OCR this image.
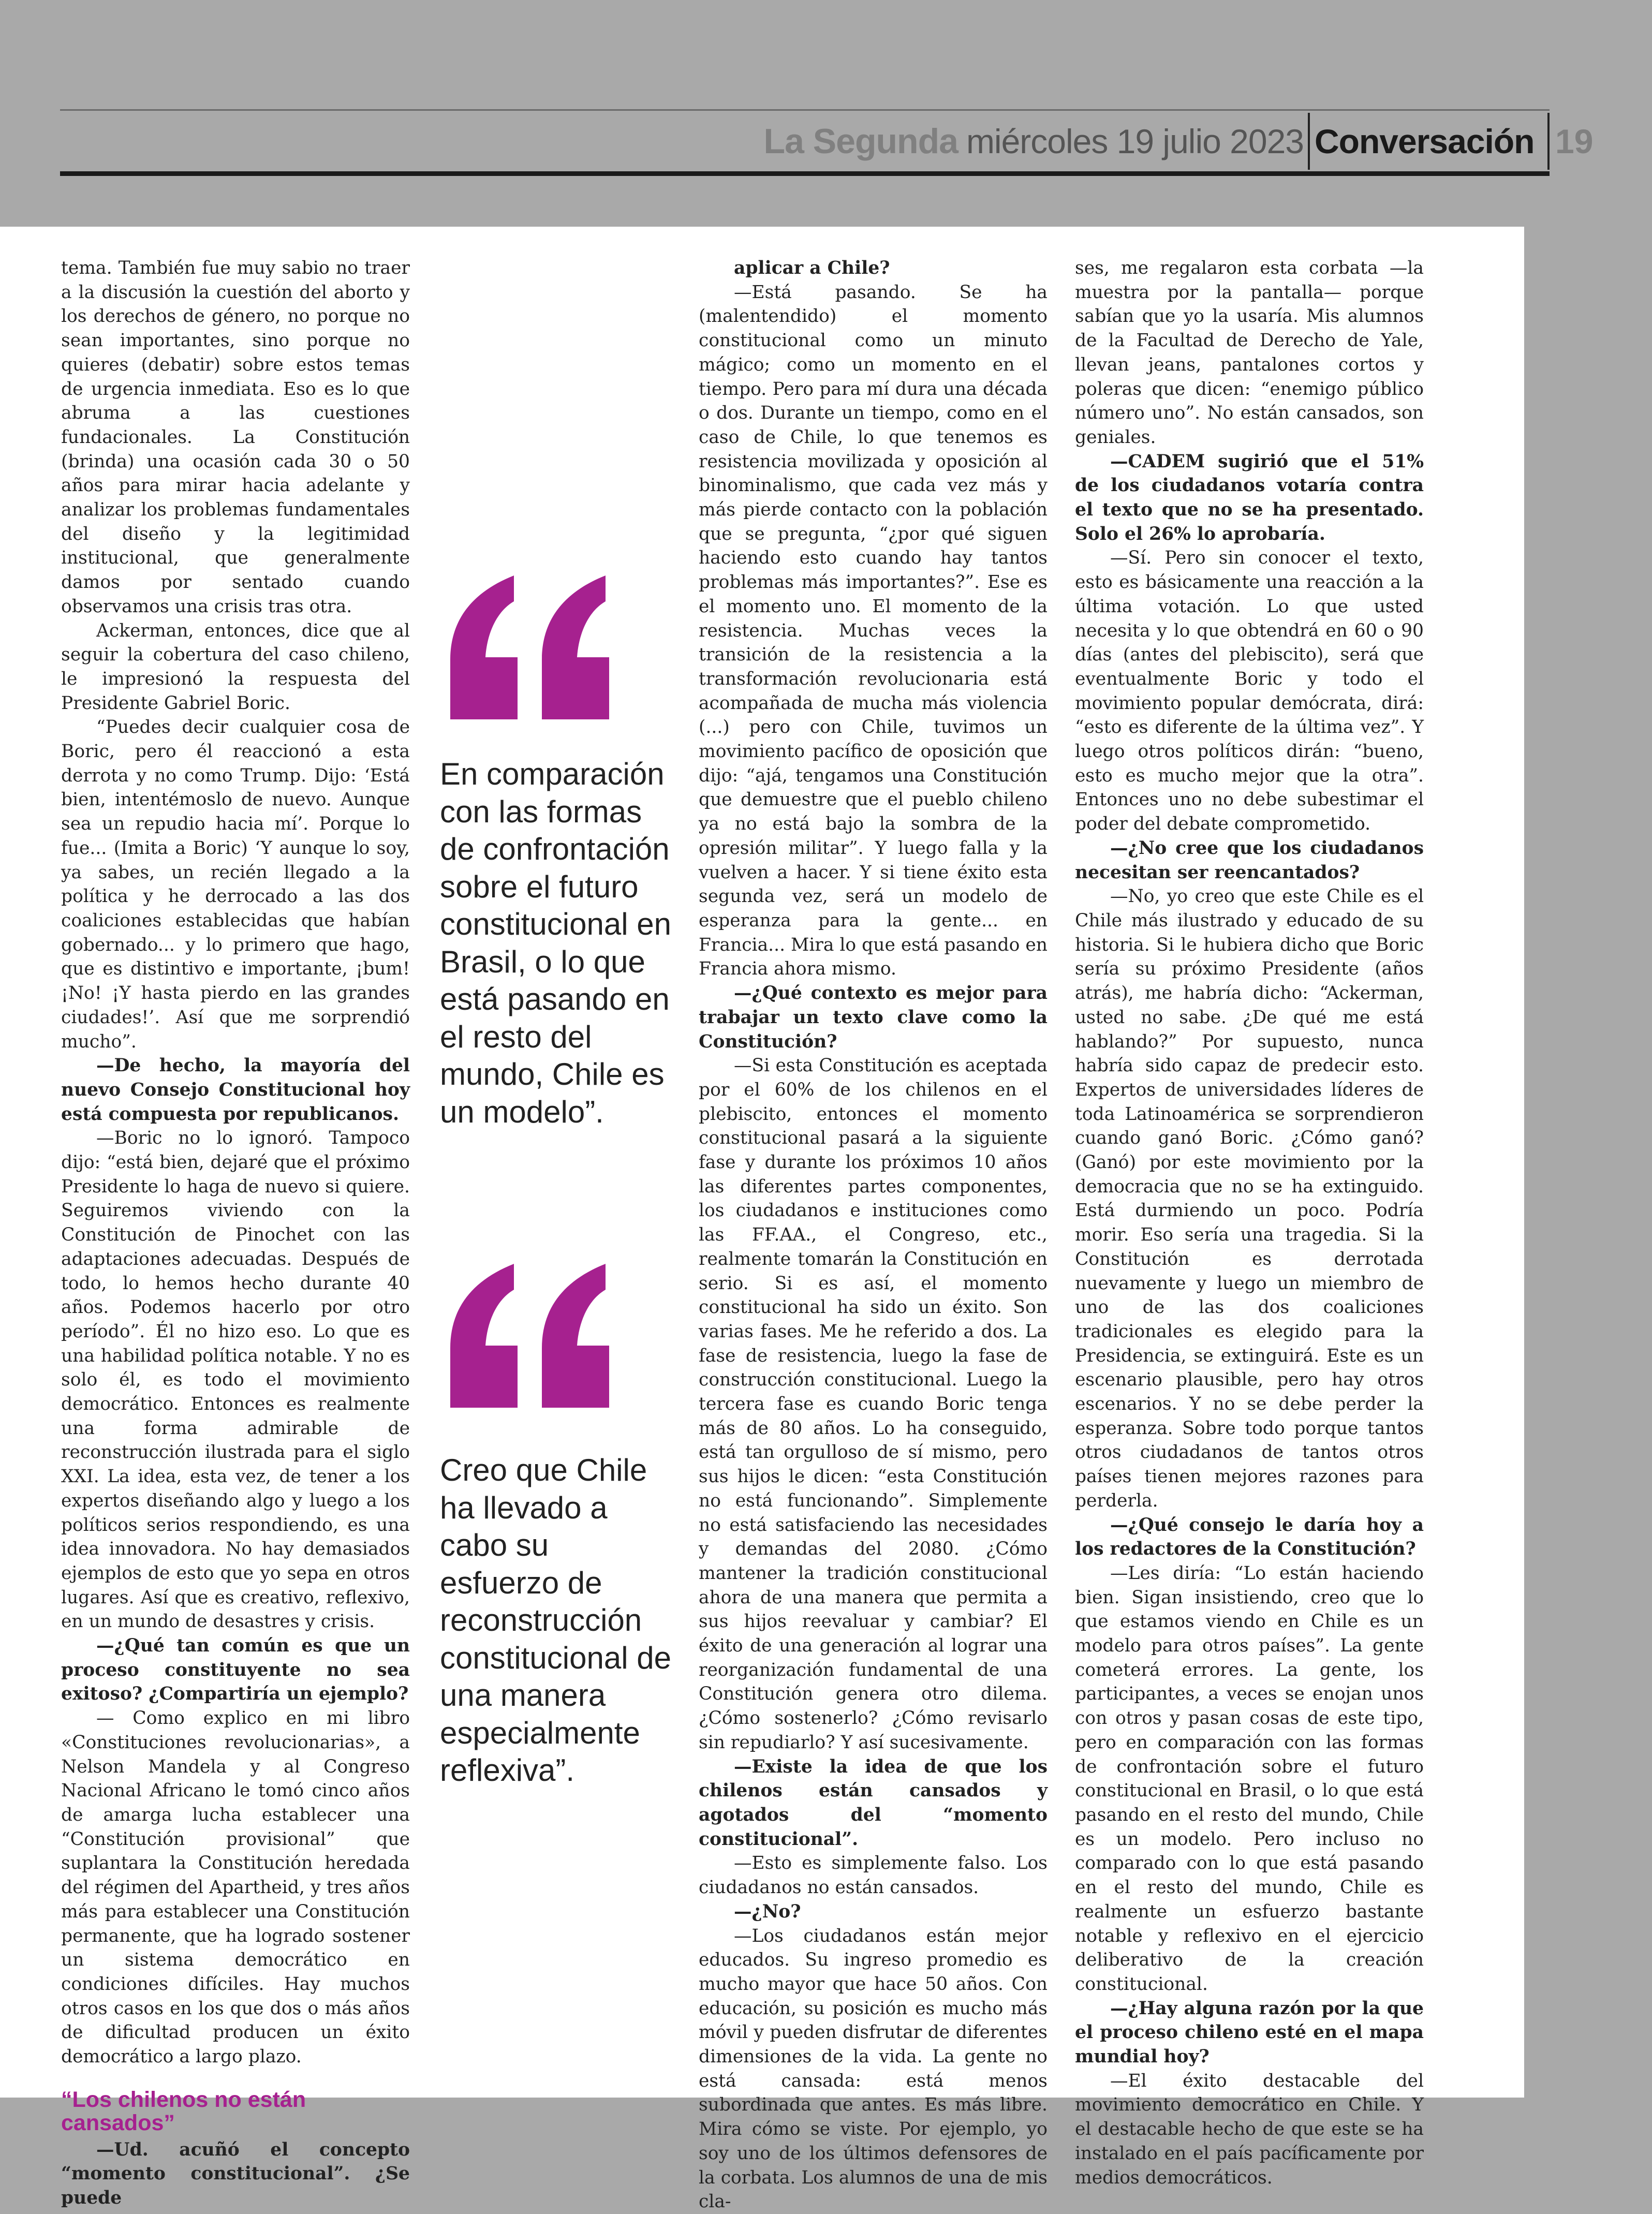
La Segunda miércoles 19 julio 2023 Conversación 19

tema. También fue muy sabio no traer a la discusión la cuestión del aborto y los derechos de género, no porque no sean importantes, sino porque no quieres (debatir) sobre estos temas de urgencia inmediata. Eso es lo que abruma a las cuestiones fundacionales. La Constitución (brinda) una ocasión cada 30 o 50 años para mirar hacia adelante y analizar los problemas fundamentales del diseño y la legitimidad institucional, que generalmente damos por sentado cuando observamos una crisis tras otra.

Ackerman, entonces, dice que al seguir la cobertura del caso chileno, le impresionó la respuesta del Presidente Gabriel Boric.

“Puedes decir cualquier cosa de Boric, pero él reaccionó a esta derrota y no como Trump. Dijo: ‘Está bien, intentémoslo de nuevo. Aunque sea un repudio hacia mí’. Porque lo fue... (Imita a Boric) ‘Y aunque lo soy, ya sabes, un recién llegado a la política y he derrocado a las dos coaliciones establecidas que habían gobernado... y lo primero que hago, que es distintivo e importante, ¡bum! ¡No! ¡Y hasta pierdo en las grandes ciudades!’. Así que me sorprendió mucho”.

—De hecho, la mayoría del nuevo Consejo Constitucional hoy está compuesta por republicanos.

—Boric no lo ignoró. Tampoco dijo: “está bien, dejaré que el próximo Presidente lo haga de nuevo si quiere. Seguiremos viviendo con la Constitución de Pinochet con las adaptaciones adecuadas. Después de todo, lo hemos hecho durante 40 años. Podemos hacerlo por otro período”. Él no hizo eso. Lo que es una habilidad política notable. Y no es solo él, es todo el movimiento democrático. Entonces es realmente una forma admirable de reconstrucción ilustrada para el siglo XXI. La idea, esta vez, de tener a los expertos diseñando algo y luego a los políticos serios respondiendo, es una idea innovadora. No hay demasiados ejemplos de esto que yo sepa en otros lugares. Así que es creativo, reflexivo, en un mundo de desastres y crisis.

—¿Qué tan común es que un proceso constituyente no sea exitoso? ¿Compartiría un ejemplo?

— Como explico en mi libro «Constituciones revolucionarias», a Nelson Mandela y al Congreso Nacional Africano le tomó cinco años de amarga lucha establecer una “Constitución provisional” que suplantara la Constitución heredada del régimen del Apartheid, y tres años más para establecer una Constitución permanente, que ha logrado sostener un sistema democrático en condiciones difíciles. Hay muchos otros casos en los que dos o más años de dificultad producen un éxito democrático a largo plazo.

“Los chilenos no están cansados”

—Ud. acuñó el concepto “momento constitucional”. ¿Se puede

En comparación con las formas de confrontación sobre el futuro constitucional en Brasil, o lo que está pasando en el resto del mundo, Chile es un modelo”.
Creo que Chile ha llevado a cabo su esfuerzo de reconstrucción constitucional de una manera especialmente reflexiva”.

aplicar a Chile?

—Está pasando. Se ha (malentendido) el momento constitucional como un minuto mágico; como un momento en el tiempo. Pero para mí dura una década o dos. Durante un tiempo, como en el caso de Chile, lo que tenemos es resistencia movilizada y oposición al binominalismo, que cada vez más y más pierde contacto con la población que se pregunta, “¿por qué siguen haciendo esto cuando hay tantos problemas más importantes?”. Ese es el momento uno. El momento de la resistencia. Muchas veces la transición de la resistencia a la transformación revolucionaria está acompañada de mucha más violencia (...) pero con Chile, tuvimos un movimiento pacífico de oposición que dijo: “ajá, tengamos una Constitución que demuestre que el pueblo chileno ya no está bajo la sombra de la opresión militar”. Y luego falla y la vuelven a hacer. Y si tiene éxito esta segunda vez, será un modelo de esperanza para la gente... en Francia... Mira lo que está pasando en Francia ahora mismo.

—¿Qué contexto es mejor para trabajar un texto clave como la Constitución?

—Si esta Constitución es aceptada por el 60% de los chilenos en el plebiscito, entonces el momento constitucional pasará a la siguiente fase y durante los próximos 10 años las diferentes partes componentes, los ciudadanos e instituciones como las FF.AA., el Congreso, etc., realmente tomarán la Constitución en serio. Si es así, el momento constitucional ha sido un éxito. Son varias fases. Me he referido a dos. La fase de resistencia, luego la fase de construcción constitucional. Luego la tercera fase es cuando Boric tenga más de 80 años. Lo ha conseguido, está tan orgulloso de sí mismo, pero sus hijos le dicen: “esta Constitución no está funcionando”. Simplemente no está satisfaciendo las necesidades y demandas del 2080. ¿Cómo mantener la tradición constitucional ahora de una manera que permita a sus hijos reevaluar y cambiar? El éxito de una generación al lograr una reorganización fundamental de una Constitución genera otro dilema. ¿Cómo sostenerlo? ¿Cómo revisarlo sin repudiarlo? Y así sucesivamente.

—Existe la idea de que los chilenos están cansados y agotados del “momento constitucional”.

—Esto es simplemente falso. Los ciudadanos no están cansados.

—¿No?

—Los ciudadanos están mejor educados. Su ingreso promedio es mucho mayor que hace 50 años. Con educación, su posición es mucho más móvil y pueden disfrutar de diferentes dimensiones de la vida. La gente no está cansada: está menos subordinada que antes. Es más libre. Mira cómo se viste. Por ejemplo, yo soy uno de los últimos defensores de la corbata. Los alumnos de una de mis cla-

ses, me regalaron esta corbata —la muestra por la pantalla— porque sabían que yo la usaría. Mis alumnos de la Facultad de Derecho de Yale, llevan jeans, pantalones cortos y poleras que dicen: “enemigo público número uno”. No están cansados, son geniales.

—CADEM sugirió que el 51% de los ciudadanos votaría contra el texto que no se ha presentado. Solo el 26% lo aprobaría.

—Sí. Pero sin conocer el texto, esto es básicamente una reacción a la última votación. Lo que usted necesita y lo que obtendrá en 60 o 90 días (antes del plebiscito), será que eventualmente Boric y todo el movimiento popular demócrata, dirá: “esto es diferente de la última vez”. Y luego otros políticos dirán: “bueno, esto es mucho mejor que la otra”. Entonces uno no debe subestimar el poder del debate comprometido.

—¿No cree que los ciudadanos necesitan ser reencantados?

—No, yo creo que este Chile es el Chile más ilustrado y educado de su historia. Si le hubiera dicho que Boric sería su próximo Presidente (años atrás), me habría dicho: “Ackerman, usted no sabe. ¿De qué me está hablando?” Por supuesto, nunca habría sido capaz de predecir esto. Expertos de universidades líderes de toda Latinoamérica se sorprendieron cuando ganó Boric. ¿Cómo ganó? (Ganó) por este movimiento por la democracia que no se ha extinguido. Está durmiendo un poco. Podría morir. Eso sería una tragedia. Si la Constitución es derrotada nuevamente y luego un miembro de uno de las dos coaliciones tradicionales es elegido para la Presidencia, se extinguirá. Este es un escenario plausible, pero hay otros escenarios. Y no se debe perder la esperanza. Sobre todo porque tantos otros ciudadanos de tantos otros países tienen mejores razones para perderla.

—¿Qué consejo le daría hoy a los redactores de la Constitución?

—Les diría: “Lo están haciendo bien. Sigan insistiendo, creo que lo que estamos viendo en Chile es un modelo para otros países”. La gente cometerá errores. La gente, los participantes, a veces se enojan unos con otros y pasan cosas de este tipo, pero en comparación con las formas de confrontación sobre el futuro constitucional en Brasil, o lo que está pasando en el resto del mundo, Chile es un modelo. Pero incluso no comparado con lo que está pasando en el resto del mundo, Chile es realmente un esfuerzo bastante notable y reflexivo en el ejercicio deliberativo de la creación constitucional.

—¿Hay alguna razón por la que el proceso chileno esté en el mapa mundial hoy?

—El éxito destacable del movimiento democrático en Chile. Y el destacable hecho de que este se ha instalado en el país pacíficamente por medios democráticos.
